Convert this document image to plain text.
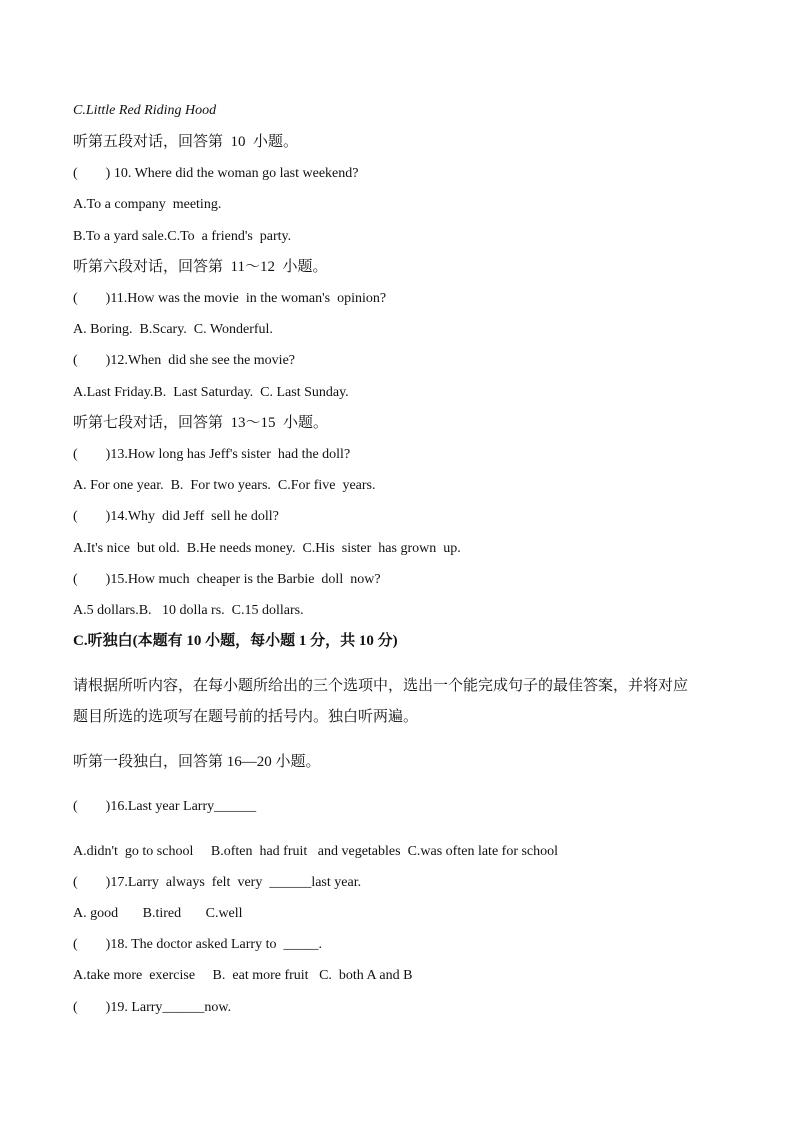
C.Little Red Riding Hood
听第五段对话，回答第  10  小题。
(        ) 10. Where did the woman go last weekend?
A.To a company  meeting.
B.To a yard sale.C.To  a friend's  party.
听第六段对话，回答第  11～12  小题。
(        )11.How was the movie  in the woman's  opinion?
A. Boring.  B.Scary.  C. Wonderful.
(        )12.When  did she see the movie?
A.Last Friday.B.  Last Saturday.  C. Last Sunday.
听第七段对话，回答第  13～15  小题。
(        )13.How long has Jeff's sister  had the doll?
A. For one year.  B.  For two years.  C.For five  years.
(        )14.Why  did Jeff  sell he doll?
A.It's nice  but old.  B.He needs money.  C.His  sister  has grown  up.
(        )15.How much  cheaper is the Barbie  doll  now?
A.5 dollars.B.   10 dolla rs.  C.15 dollars.
C.听独白(本题有 10 小题，每小题 1 分，共 10 分)
请根据所听内容，在每小题所给出的三个选项中，选出一个能完成句子的最佳答案，并将对应
题目所选的选项写在题号前的括号内。独白听两遍。
听第一段独白，回答第 16—20 小题。
(        )16.Last year Larry______
A.didn't  go to school     B.often  had fruit   and vegetables  C.was often late for school
(        )17.Larry  always  felt  very  ______last year.
A. good       B.tired       C.well
(        )18. The doctor asked Larry to  _____.
A.take more  exercise     B.  eat more fruit   C.  both A and B
(        )19. Larry______now.
